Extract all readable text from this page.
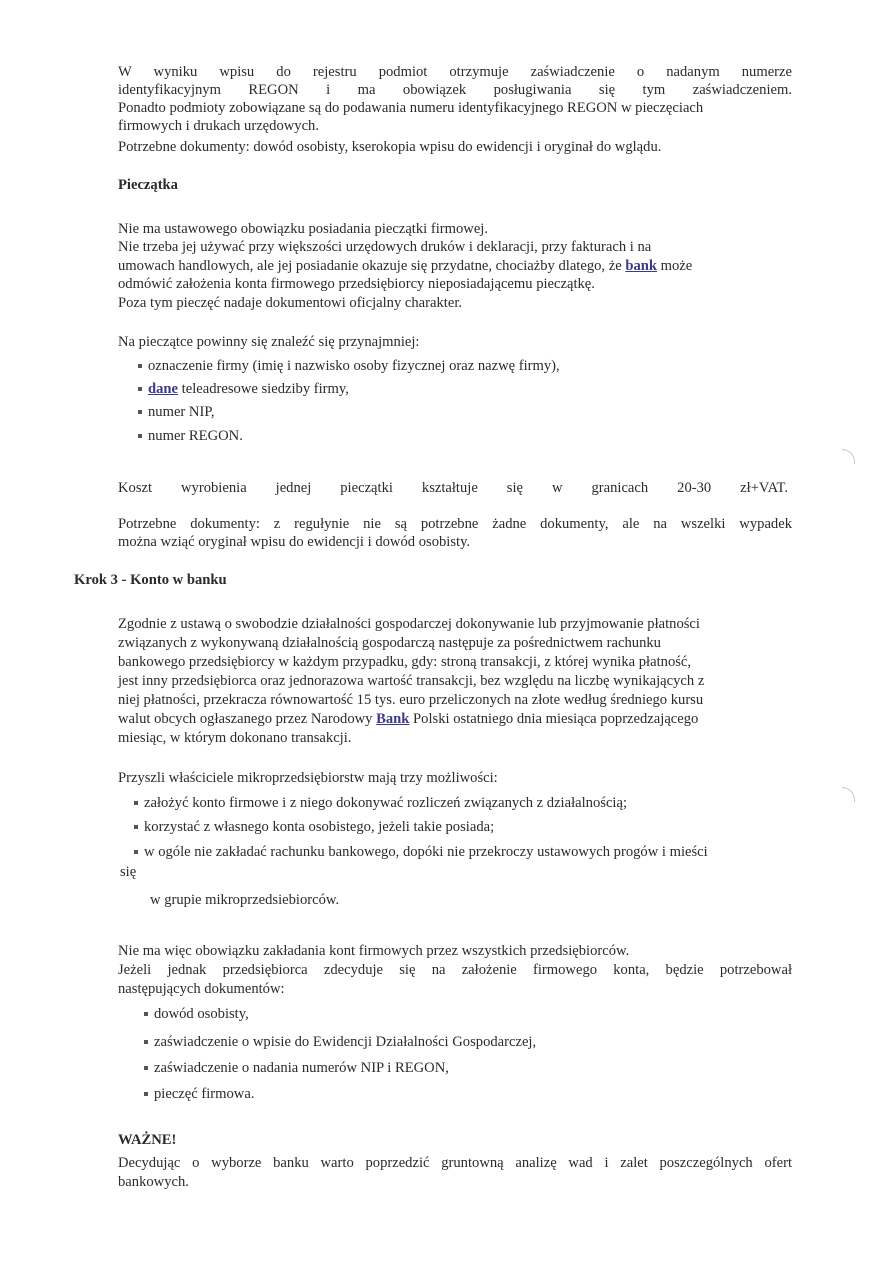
W wyniku wpisu do rejestru podmiot otrzymuje zaświadczenie o nadanym numerze

identyfikacyjnym REGON i ma obowiązek posługiwania się tym zaświadczeniem.

Ponadto podmioty zobowiązane są do podawania numeru identyfikacyjnego REGON w pieczęciach

firmowych i drukach urzędowych.

Potrzebne dokumenty: dowód osobisty, kserokopia wpisu do ewidencji i oryginał do wglądu.

Pieczątka

Nie ma ustawowego obowiązku posiadania pieczątki firmowej.

Nie trzeba jej używać przy większości urzędowych druków i deklaracji, przy fakturach i na

umowach handlowych, ale jej posiadanie okazuje się przydatne, chociażby dlatego, że bank może

odmówić założenia konta firmowego przedsiębiorcy nieposiadającemu pieczątkę.

Poza tym pieczęć nadaje dokumentowi oficjalny charakter.

Na pieczątce powinny się znaleźć się przynajmniej:

oznaczenie firmy (imię i nazwisko osoby fizycznej oraz nazwę firmy),
dane teleadresowe siedziby firmy,
numer NIP,
numer REGON.

Koszt wyrobienia jednej pieczątki kształtuje się w granicach 20-30 zł+VAT.

Potrzebne dokumenty: z regułynie nie są potrzebne żadne dokumenty, ale na wszelki wypadek

można wziąć oryginał wpisu do ewidencji i dowód osobisty.

Krok 3 - Konto w banku

Zgodnie z ustawą o swobodzie działalności gospodarczej dokonywanie lub przyjmowanie płatności

związanych z wykonywaną działalnością gospodarczą następuje za pośrednictwem rachunku

bankowego przedsiębiorcy w każdym przypadku, gdy: stroną transakcji, z której wynika płatność,

jest inny przedsiębiorca oraz jednorazowa wartość transakcji, bez względu na liczbę wynikających z

niej płatności, przekracza równowartość 15 tys. euro przeliczonych na złote według średniego kursu

walut obcych ogłaszanego przez Narodowy Bank Polski ostatniego dnia miesiąca poprzedzającego

miesiąc, w którym dokonano transakcji.

Przyszli właściciele mikroprzedsiębiorstw mają trzy możliwości:

założyć konto firmowe i z niego dokonywać rozliczeń związanych z działalnością;
korzystać z własnego konta osobistego, jeżeli takie posiada;
w ogóle nie zakładać rachunku bankowego, dopóki nie przekroczy ustawowych progów i mieści

się

w grupie mikroprzedsiebiorców.

Nie ma więc obowiązku zakładania kont firmowych przez wszystkich przedsiębiorców.

Jeżeli jednak przedsiębiorca zdecyduje się na założenie firmowego konta, będzie potrzebował

następujących dokumentów:

dowód osobisty,
zaświadczenie o wpisie do Ewidencji Działalności Gospodarczej,
zaświadczenie o nadania numerów NIP i REGON,
pieczęć firmowa.

WAŻNE!

Decydując o wyborze banku warto poprzedzić gruntowną analizę wad i zalet poszczególnych ofert

bankowych.
